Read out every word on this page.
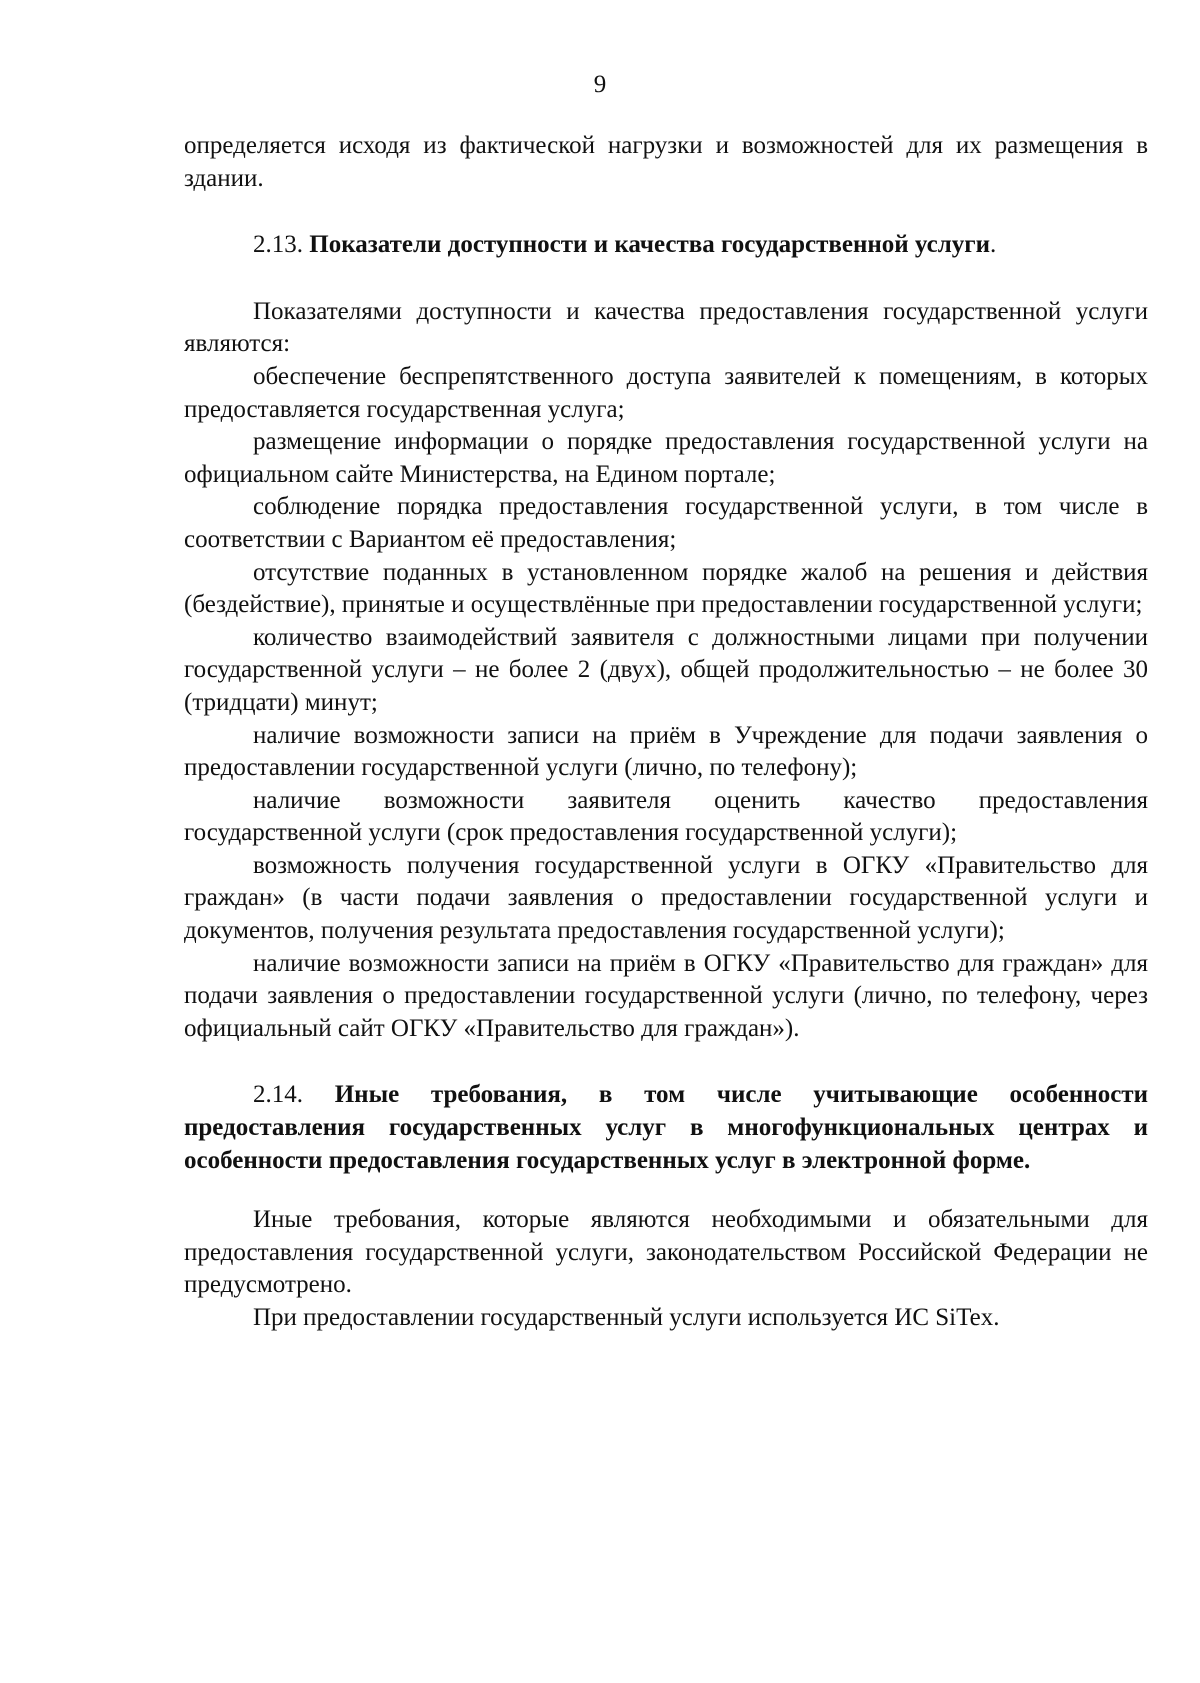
9

определяется исходя из фактической нагрузки и возможностей для их размещения в здании.

2.13. Показатели доступности и качества государственной услуги.

Показателями доступности и качества предоставления государственной услуги являются:

обеспечение беспрепятственного доступа заявителей к помещениям, в которых предоставляется государственная услуга;

размещение информации о порядке предоставления государственной услуги на официальном сайте Министерства, на Едином портале;

соблюдение порядка предоставления государственной услуги, в том числе в соответствии с Вариантом её предоставления;

отсутствие поданных в установленном порядке жалоб на решения и действия (бездействие), принятые и осуществлённые при предоставлении государственной услуги;

количество взаимодействий заявителя с должностными лицами при получении государственной услуги – не более 2 (двух), общей продолжительностью – не более 30 (тридцати) минут;

наличие возможности записи на приём в Учреждение для подачи заявления о предоставлении государственной услуги (лично, по телефону);

наличие возможности заявителя оценить качество предоставления государственной услуги (срок предоставления государственной услуги);

возможность получения государственной услуги в ОГКУ «Правительство для граждан» (в части подачи заявления о предоставлении государственной услуги и документов, получения результата предоставления государственной услуги);

наличие возможности записи на приём в ОГКУ «Правительство для граждан» для подачи заявления о предоставлении государственной услуги (лично, по телефону, через официальный сайт ОГКУ «Правительство для граждан»).

2.14. Иные требования, в том числе учитывающие особенности предоставления государственных услуг в многофункциональных центрах и особенности предоставления государственных услуг в электронной форме.

Иные требования, которые являются необходимыми и обязательными для предоставления государственной услуги, законодательством Российской Федерации не предусмотрено.

При предоставлении государственный услуги используется ИС SiTex.
